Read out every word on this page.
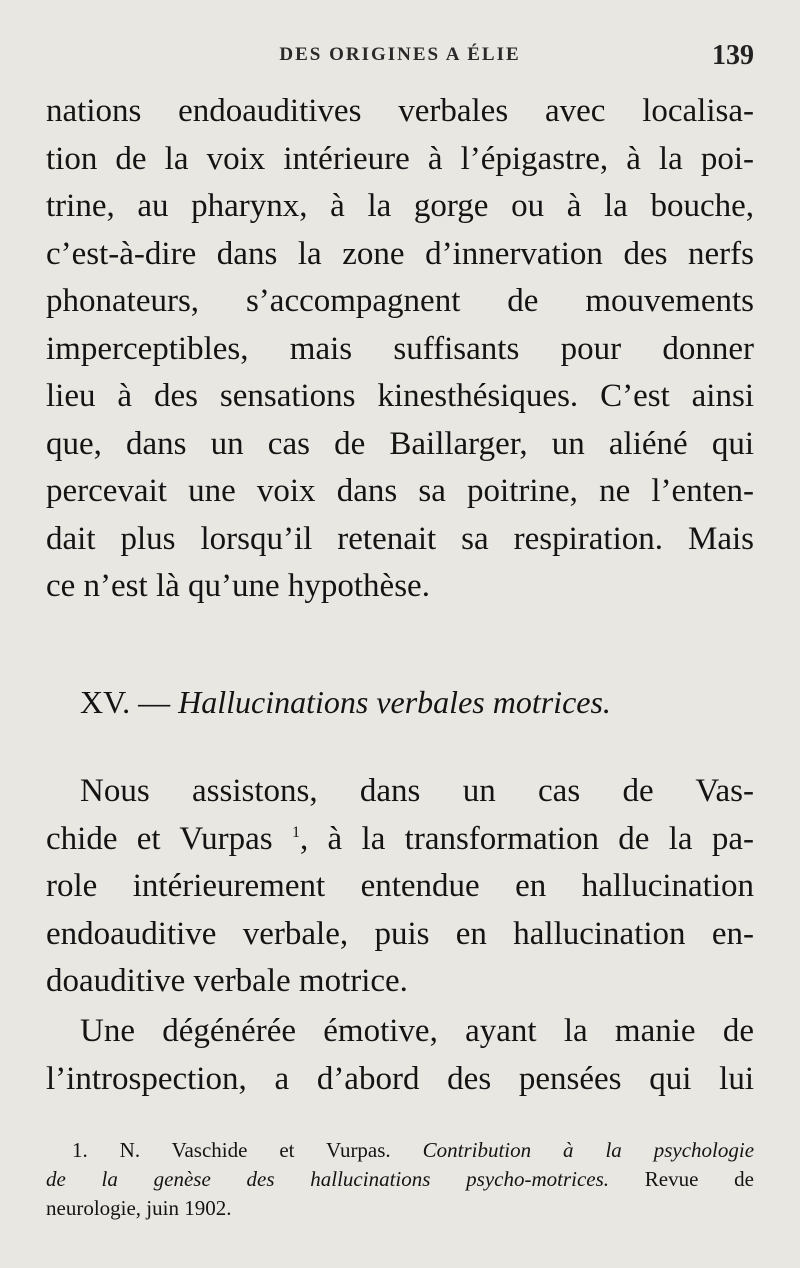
DES ORIGINES A ÉLIE	139
nations endoauditives verbales avec localisa-
tion de la voix intérieure à l’épigastre, à la poi-
trine, au pharynx, à la gorge ou à la bouche,
c’est-à-dire dans la zone d’innervation des nerfs
phonateurs, s’accompagnent de mouvements
imperceptibles, mais suffisants pour donner
lieu à des sensations kinesthésiques. C’est ainsi
que, dans un cas de Baillarger, un aliéné qui
percevait une voix dans sa poitrine, ne l’enten-
dait plus lorsqu’il retenait sa respiration. Mais
ce n’est là qu’une hypothèse.
XV. — Hallucinations verbales motrices.
Nous assistons, dans un cas de Vas-
chide et Vurpas $^1$, à la transformation de la pa-
role intérieurement entendue en hallucination
endoauditive verbale, puis en hallucination en-
doauditive verbale motrice.
Une dégénérée émotive, ayant la manie de
l’introspection, a d’abord des pensées qui lui
1. N. Vaschide et Vurpas. Contribution à la psychologie
de la genèse des hallucinations psycho-motrices. Revue de
neurologie, juin 1902.
